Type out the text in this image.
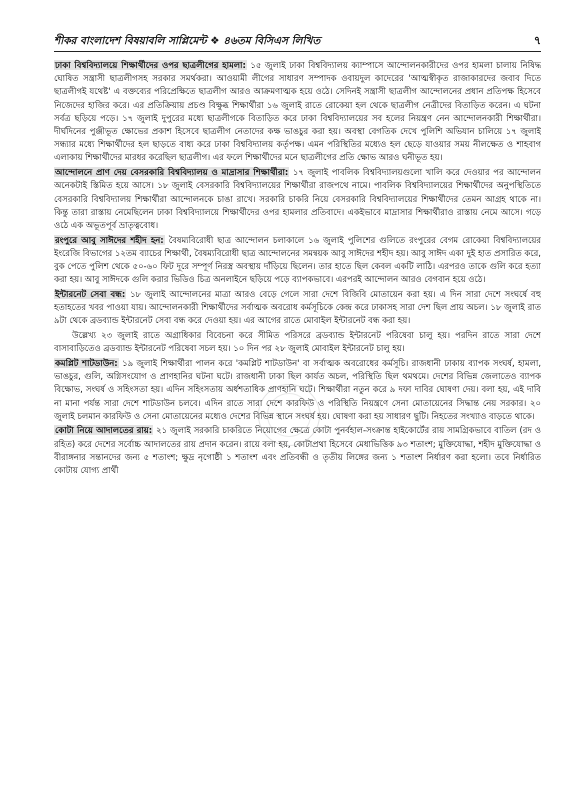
শীকর বাংলাদেশ বিষয়াবলি সাপ্লিমেন্ট ❖ ৪৬তম বিসিএস লিখিত	৭

ঢাকা বিশ্ববিদ্যালয়ে শিক্ষার্থীদের ওপর ছাত্রলীগের হামলা: ১৫ জুলাই ঢাকা বিশ্ববিদ্যালয় ক্যাম্পাসে আন্দোলনকারীদের ওপর হামলা চালায় নিষিদ্ধ ঘোষিত সন্ত্রাসী ছাত্রলীগসহ সরকার সমর্থকরা। আওয়ামী লীগের সাধারণ সম্পাদক ওবায়দুল কাদেরের 'আত্মস্বীকৃত রাজাকারদের জবাব দিতে ছাত্রলীগই যথেষ্ট' এ বক্তব্যের পরিপ্রেক্ষিতে ছাত্রলীগ আরও আক্রমণাত্মক হয়ে ওঠে। সেদিনই সন্ত্রাসী ছাত্রলীগ আন্দোলনের প্রধান প্রতিপক্ষ হিসেবে নিজেদের হাজির করে। এর প্রতিক্রিয়ায় প্রচণ্ড বিক্ষুব্ধ শিক্ষার্থীরা ১৬ জুলাই রাতে রোকেয়া হল থেকে ছাত্রলীগ নেত্রীদের বিতাড়িত করেন। এ ঘটনা সর্বত্র ছড়িয়ে পড়ে। ১৭ জুলাই দুপুরের মধ্যে ছাত্রলীগকে বিতাড়িত করে ঢাকা বিশ্ববিদ্যালয়ের সব হলের নিয়ন্ত্রণ নেন আন্দোলনকারী শিক্ষার্থীরা। দীর্ঘদিনের পুঞ্জীভূত ক্ষোভের প্রকাশ হিসেবে ছাত্রলীগ নেতাদের কক্ষ ভাঙচুর করা হয়। অবস্থা বেগতিক দেখে পুলিশি অভিযান চালিয়ে ১৭ জুলাই সন্ধ্যার মধ্যে শিক্ষার্থীদের হল ছাড়তে বাধ্য করে ঢাকা বিশ্ববিদ্যালয় কর্তৃপক্ষ। এমন পরিস্থিতির মধ্যেও হল ছেড়ে যাওয়ার সময় নীলক্ষেত ও শাহবাগ এলাকায় শিক্ষার্থীদের মারধর করেছিল ছাত্রলীগ। এর ফলে শিক্ষার্থীদের মনে ছাত্রলীগের প্রতি ক্ষোভ আরও ঘনীভূত হয়।

আন্দোলনে প্রাণ দেয় বেসরকারি বিশ্ববিদ্যালয় ও মাদ্রাসার শিক্ষার্থীরা: ১৭ জুলাই পাবলিক বিশ্ববিদ্যালয়গুলো খালি করে দেওয়ার পর আন্দোলন অনেকটাই স্তিমিত হয়ে আসে। ১৮ জুলাই বেসরকারি বিশ্ববিদ্যালয়ের শিক্ষার্থীরা রাজপথে নামে। পাবলিক বিশ্ববিদ্যালয়ের শিক্ষার্থীদের অনুপস্থিতিতে বেসরকারি বিশ্ববিদ্যালয় শিক্ষার্থীরা আন্দোলনকে চাঙা রাখে। সরকারি চাকরি নিয়ে বেসরকারি বিশ্ববিদ্যালয়ের শিক্ষার্থীদের তেমন আগ্রহ থাকে না। কিন্তু তারা রাস্তায় নেমেছিলেন ঢাকা বিশ্ববিদ্যালয়ে শিক্ষার্থীদের ওপর হামলার প্রতিবাদে। একইভাবে মাদ্রাসার শিক্ষার্থীরাও রাস্তায় নেমে আসে। গড়ে ওঠে এক অভূতপূর্ব ভ্রাতৃত্ববোধ।

রংপুরে আবু সাঈদের শহীদ হন: বৈষম্যবিরোধী ছাত্র আন্দোলন চলাকালে ১৬ জুলাই পুলিশের গুলিতে রংপুরের বেগম রোকেয়া বিশ্ববিদ্যালয়ের ইংরেজি বিভাগের ১২তম ব্যাচের শিক্ষার্থী, বৈষম্যবিরোধী ছাত্র আন্দোলনের সমন্বয়ক আবু সাঈদের শহীদ হয়। আবু সাঈদ একা দুই হাত প্রসারিত করে, বুক পেতে পুলিশ থেকে ৫০-৬০ ফিট দূরে সম্পূর্ণ নিরস্ত্র অবস্থায় দাঁড়িয়ে ছিলেন। তার হাতে ছিল কেবল একটি লাঠি। এরপরও তাকে গুলি করে হত্যা করা হয়। আবু সাঈদকে গুলি করার ভিডিও চিত্র অনলাইনে ছড়িয়ে পড়ে ব্যাপকভাবে। এরপরই আন্দোলন আরও বেগবান হয়ে ওঠে।

ইন্টারনেট সেবা বন্ধ: ১৮ জুলাই আন্দোলনের মাত্রা আরও বেড়ে গেলে সারা দেশে বিজিবি মোতায়েন করা হয়। এ দিন সারা দেশে সংঘর্ষে বহু হতাহতের খবর পাওয়া যায়। আন্দোলনকারী শিক্ষার্থীদের সর্বাত্মক অবরোধ কর্মসূচিকে কেন্দ্র করে ঢাকাসহ সারা দেশ ছিল প্রায় অচল। ১৮ জুলাই রাত ৯টা থেকে ব্রডব্যান্ড ইন্টারনেট সেবা বন্ধ করে দেওয়া হয়। এর আগের রাতে মোবাইল ইন্টারনেট বন্ধ করা হয়।

উল্লেখ্য ২৩ জুলাই রাতে অগ্রাধিকার বিবেচনা করে সীমিত পরিসরে ব্রডব্যান্ড ইন্টারনেট পরিষেবা চালু হয়। পরদিন রাতে সারা দেশে বাসাবাড়িতেও ব্রডব্যান্ড ইন্টারনেট পরিষেবা সচল হয়। ১০ দিন পর ২৮ জুলাই মোবাইল ইন্টারনেট চালু হয়।

কমপ্লিট শাটডাউন: ১৯ জুলাই শিক্ষার্থীরা পালন করে 'কমপ্লিট শাটডাউন' বা সর্বাত্মক অবরোধের কর্মসূচি। রাজধানী ঢাকায় ব্যাপক সংঘর্ষ, হামলা, ভাঙচুর, গুলি, অগ্নিসংযোগ ও প্রাণহানির ঘটনা ঘটে। রাজধানী ঢাকা ছিল কার্যত অচল, পরিস্থিতি ছিল থমথমে। দেশের বিভিন্ন জেলাতেও ব্যাপক বিক্ষোভ, সংঘর্ষ ও সহিংসতা হয়। এদিন সহিংসতায় অর্ধশতাধিক প্রাণহানি ঘটে। শিক্ষার্থীরা নতুন করে ৯ দফা দাবির ঘোষণা দেয়। বলা হয়, এই দাবি না মানা পর্যন্ত সারা দেশে শাটডাউন চলবে। এদিন রাতে সারা দেশে কারফিউ ও পরিস্থিতি নিয়ন্ত্রণে সেনা মোতায়েনের সিদ্ধান্ত নেয় সরকার। ২০ জুলাই চলমান কারফিউ ও সেনা মোতায়েনের মধ্যেও দেশের বিভিন্ন স্থানে সংঘর্ষ হয়। ঘোষণা করা হয় সাধারণ ছুটি। নিহতের সংখ্যাও বাড়তে থাকে।

কোটা নিয়ে আদালতের রায়: ২১ জুলাই সরকারি চাকরিতে নিয়োগের ক্ষেত্রে কোটা পুনর্বহাল-সংক্রান্ত হাইকোর্টের রায় সামগ্রিকভাবে বাতিল (রদ ও রহিত) করে দেশের সর্বোচ্চ আদালতের রায় প্রদান করেন। রায়ে বলা হয়, কোটাপ্রথা হিসেবে মেধাভিত্তিক ৯৩ শতাংশ; মুক্তিযোদ্ধা, শহীদ মুক্তিযোদ্ধা ও বীরাঙ্গনার সন্তানদের জন্য ৫ শতাংশ; ক্ষুদ্র নৃগোষ্ঠী ১ শতাংশ এবং প্রতিবন্ধী ও তৃতীয় লিঙ্গের জন্য ১ শতাংশ নির্ধারণ করা হলো। তবে নির্ধারিত কোটায় যোগ্য প্রার্থী
